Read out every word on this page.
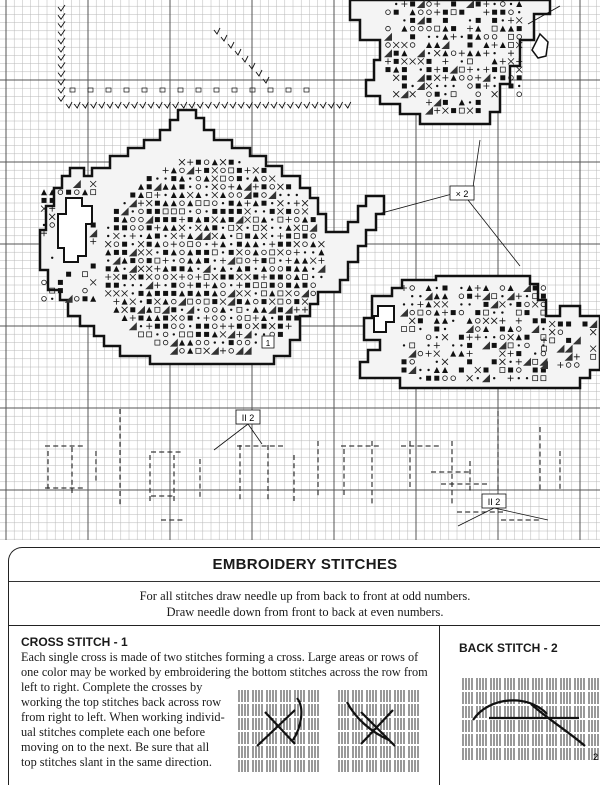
× 2
II 2
II 2
1
EMBROIDERY STITCHES
For all stitches draw needle up from back to front at odd numbers.
Draw needle down from front to back at even numbers.
CROSS STITCH - 1
Each single cross is made of two stitches forming a cross. Large areas or rows of
one color may be worked by embroidering the bottom stitches across the row from
left to right. Complete the crosses by
working the top stitches back across row
from right to left. When working individ-
ual stitches complete each one before
moving on to the next. Be sure that all
top stitches slant in the same direction.
BACK STITCH - 2
2
